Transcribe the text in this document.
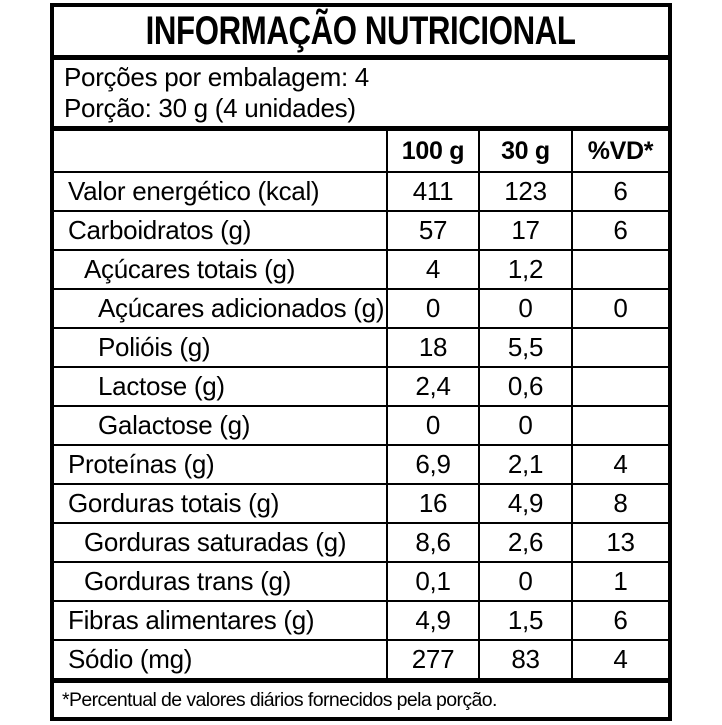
INFORMAÇÃO NUTRICIONAL
Porções por embalagem: 4
Porção: 30 g (4 unidades)
100 g	30 g	%VD*
Valor energético (kcal)	411	123	6
Carboidratos (g)	57	17	6
Açúcares totais (g)	4	1,2
Açúcares adicionados (g)	0	0	0
Polióis (g)	18	5,5
Lactose (g)	2,4	0,6
Galactose (g)	0	0
Proteínas (g)	6,9	2,1	4
Gorduras totais (g)	16	4,9	8
Gorduras saturadas (g)	8,6	2,6	13
Gorduras trans (g)	0,1	0	1
Fibras alimentares (g)	4,9	1,5	6
Sódio (mg)	277	83	4
*Percentual de valores diários fornecidos pela porção.
